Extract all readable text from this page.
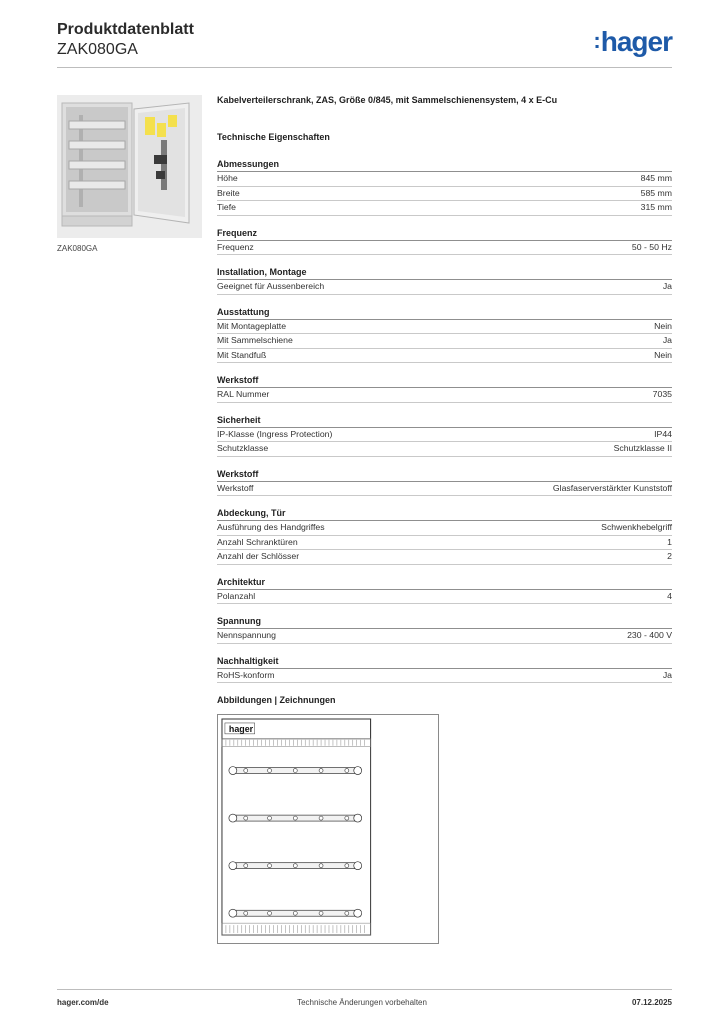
Produktdatenblatt
ZAK080GA	:hager
ZAK080GA
Kabelverteilerschrank, ZAS, Größe 0/845, mit Sammelschienensystem, 4 x E-Cu
Technische Eigenschaften
Abmessungen
Höhe	845 mm
Breite	585 mm
Tiefe	315 mm
Frequenz
Frequenz	50 - 50 Hz
Installation, Montage
Geeignet für Aussenbereich	Ja
Ausstattung
Mit Montageplatte	Nein
Mit Sammelschiene	Ja
Mit Standfuß	Nein
Werkstoff
RAL Nummer	7035
Sicherheit
IP-Klasse (Ingress Protection)	IP44
Schutzklasse	Schutzklasse II
Werkstoff
Werkstoff	Glasfaserverstärkter Kunststoff
Abdeckung, Tür
Ausführung des Handgriffes	Schwenkhebelgriff
Anzahl Schranktüren	1
Anzahl der Schlösser	2
Architektur
Polanzahl	4
Spannung
Nennspannung	230 - 400 V
Nachhaltigkeit
RoHS-konform	Ja
Abbildungen | Zeichnungen
hager
hager.com/de	Technische Änderungen vorbehalten	07.12.2025
